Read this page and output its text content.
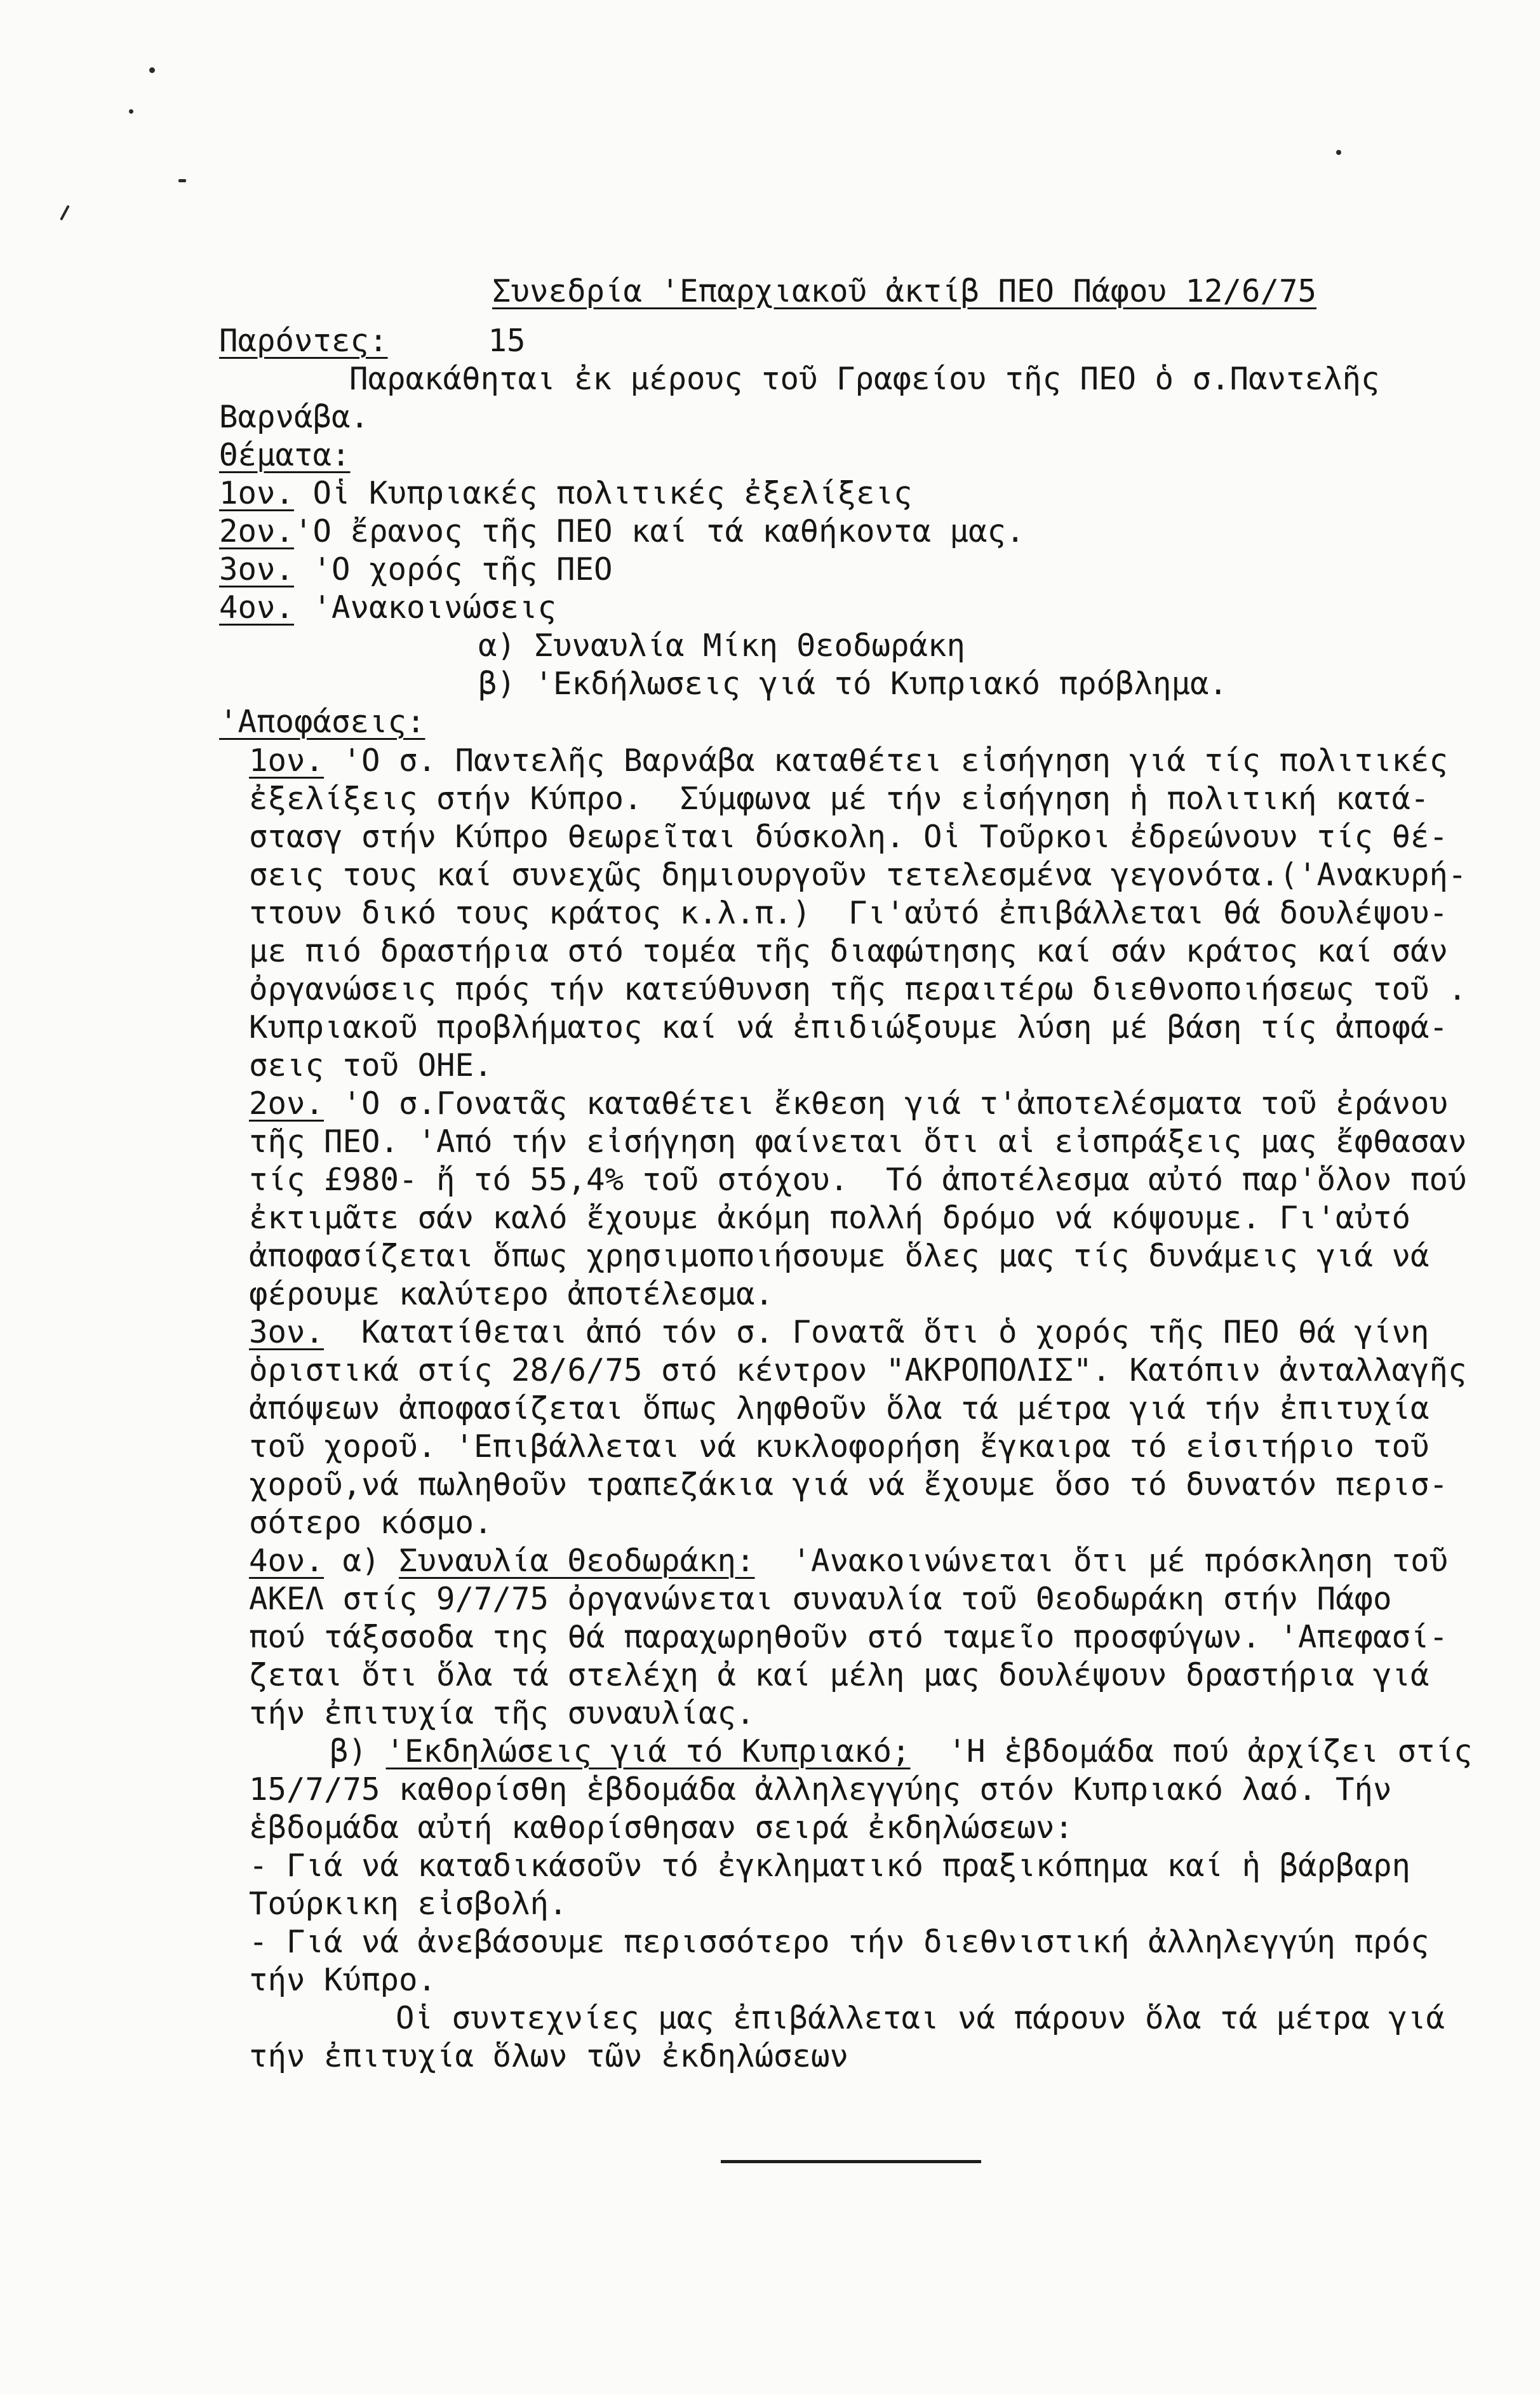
Συνεδρία 'Επαρχιακοῦ ἀκτίβ ΠΕΟ Πάφου 12/6/75

Παρόντες:	15
Παρακάθηται ἐκ μέρους τοῦ Γραφείου τῆς ΠΕΟ ὁ σ.Παντελῆς
Βαρνάβα.
Θέματα:
1ον. Οἱ Κυπριακές πολιτικές ἐξελίξεις
2ον.'Ο ἔρανος τῆς ΠΕΟ καί τά καθήκοντα μας.
3ον. 'Ο χορός τῆς ΠΕΟ
4ον. 'Ανακοινώσεις
α) Συναυλία Μίκη Θεοδωράκη
β) 'Εκδήλωσεις γιά τό Κυπριακό πρόβλημα.
'Αποφάσεις:
1ον. 'Ο σ. Παντελῆς Βαρνάβα καταθέτει εἰσήγηση γιά τίς πολιτικές
ἐξελίξεις στήν Κύπρο.  Σύμφωνα μέ τήν εἰσήγηση ἡ πολιτική κατά-
στασγ στήν Κύπρο θεωρεῖται δύσκολη. Οἱ Τοῦρκοι ἐδρεώνουν τίς θέ-
σεις τους καί συνεχῶς δημιουργοῦν τετελεσμένα γεγονότα.('Ανακυρή-
ττουν δικό τους κράτος κ.λ.π.)  Γι'αὐτό ἐπιβάλλεται θά δουλέψου-
με πιό δραστήρια στό τομέα τῆς διαφώτησης καί σάν κράτος καί σάν
ὀργανώσεις πρός τήν κατεύθυνση τῆς περαιτέρω διεθνοποιήσεως τοῦ .
Κυπριακοῦ προβλήματος καί νά ἐπιδιώξουμε λύση μέ βάση τίς ἀποφά-
σεις τοῦ ΟΗΕ.
2ον. 'Ο σ.Γονατᾶς καταθέτει ἔκθεση γιά τ'ἀποτελέσματα τοῦ ἐράνου
τῆς ΠΕΟ. 'Από τήν εἰσήγηση φαίνεται ὅτι αἱ εἰσπράξεις μας ἔφθασαν
τίς £980- ἤ τό 55,4% τοῦ στόχου.  Τό ἀποτέλεσμα αὐτό παρ'ὅλον πού
ἐκτιμᾶτε σάν καλό ἔχουμε ἀκόμη πολλή δρόμο νά κόψουμε. Γι'αὐτό
ἀποφασίζεται ὅπως χρησιμοποιήσουμε ὅλες μας τίς δυνάμεις γιά νά
φέρουμε καλύτερο ἀποτέλεσμα.
3ον.  Κατατίθεται ἀπό τόν σ. Γονατᾶ ὅτι ὁ χορός τῆς ΠΕΟ θά γίνη
ὁριστικά στίς 28/6/75 στό κέντρον "ΑΚΡΟΠΟΛΙΣ". Κατόπιν ἀνταλλαγῆς
ἀπόψεων ἀποφασίζεται ὅπως ληφθοῦν ὅλα τά μέτρα γιά τήν ἐπιτυχία
τοῦ χοροῦ. 'Επιβάλλεται νά κυκλοφορήση ἔγκαιρα τό εἰσιτήριο τοῦ
χοροῦ,νά πωληθοῦν τραπεζάκια γιά νά ἔχουμε ὅσο τό δυνατόν περισ-
σότερο κόσμο.
4ον. α) Συναυλία Θεοδωράκη:  'Ανακοινώνεται ὅτι μέ πρόσκληση τοῦ
ΑΚΕΛ στίς 9/7/75 ὀργανώνεται συναυλία τοῦ Θεοδωράκη στήν Πάφο
πού τάξσσοδα της θά παραχωρηθοῦν στό ταμεῖο προσφύγων. 'Απεφασί-
ζεται ὅτι ὅλα τά στελέχη ἀ καί μέλη μας δουλέψουν δραστήρια γιά
τήν ἐπιτυχία τῆς συναυλίας.
β) 'Εκδηλώσεις γιά τό Κυπριακό;  'Η ἑβδομάδα πού ἀρχίζει στίς
15/7/75 καθορίσθη ἑβδομάδα ἀλληλεγγύης στόν Κυπριακό λαό. Τήν
ἑβδομάδα αὐτή καθορίσθησαν σειρά ἐκδηλώσεων:
- Γιά νά καταδικάσοῦν τό ἐγκληματικό πραξικόπημα καί ἡ βάρβαρη
Τούρκικη εἰσβολή.
- Γιά νά ἀνεβάσουμε περισσότερο τήν διεθνιστική ἀλληλεγγύη πρός
τήν Κύπρο.
Οἱ συντεχνίες μας ἐπιβάλλεται νά πάρουν ὅλα τά μέτρα γιά
τήν ἐπιτυχία ὅλων τῶν ἐκδηλώσεων
